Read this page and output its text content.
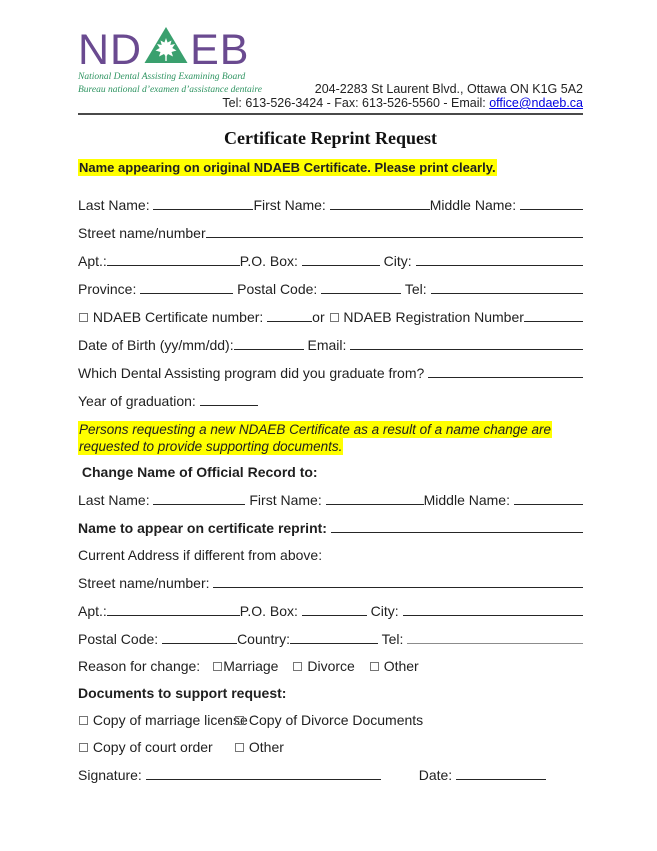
ND EB
National Dental Assisting Examining Board
Bureau national d’examen d’assistance dentaire	204-2283 St Laurent Blvd., Ottawa ON K1G 5A2
Tel: 613-526-3424 - Fax: 613-526-5560 - Email: office@ndaeb.ca
Certificate Reprint Request
Name appearing on original NDAEB Certificate. Please print clearly.
Last Name:	First Name:	Middle Name:
Street name/number
Apt.:	P.O. Box:	City:
Province:	Postal Code:	Tel:
NDAEB Certificate number:	or NDAEB Registration Number
Date of Birth (yy/mm/dd):	Email:
Which Dental Assisting program did you graduate from?
Year of graduation:
Persons requesting a new NDAEB Certificate as a result of a name change are requested to provide supporting documents.
Change Name of Official Record to:
Last Name:	First Name:	Middle Name:
Name to appear on certificate reprint:
Current Address if different from above:
Street name/number:
Apt.:	P.O. Box:	City:
Postal Code:	Country:	Tel:
Reason for change: Marriage Divorce Other
Documents to support request:
Copy of marriage license
Copy of Divorce Documents
Copy of court order	Other
Signature:	Date:
